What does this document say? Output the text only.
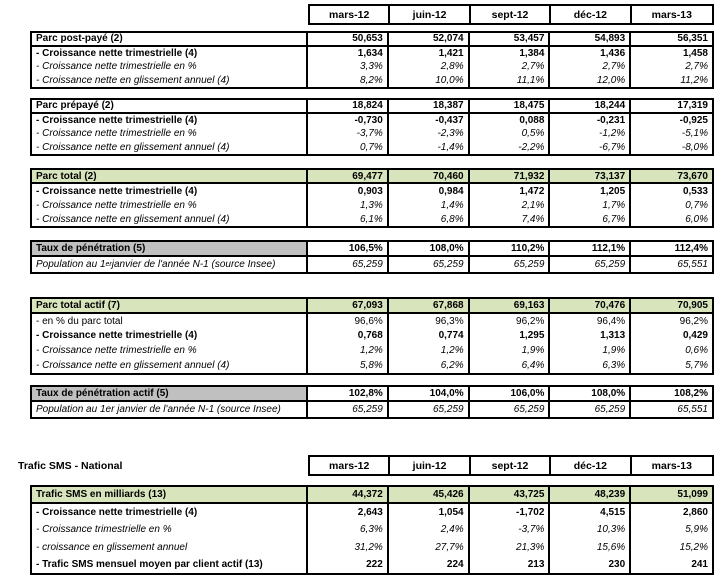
mars-12	juin-12	sept-12	déc-12	mars-13
Parc post-payé (2)	50,653	52,074	53,457	54,893	56,351
- Croissance nette trimestrielle (4)	1,634	1,421	1,384	1,436	1,458
- Croissance nette trimestrielle en %	3,3%	2,8%	2,7%	2,7%	2,7%
- Croissance nette en glissement annuel (4)	8,2%	10,0%	11,1%	12,0%	11,2%
Parc prépayé (2)	18,824	18,387	18,475	18,244	17,319
- Croissance nette trimestrielle (4)	-0,730	-0,437	0,088	-0,231	-0,925
- Croissance nette trimestrielle en %	-3,7%	-2,3%	0,5%	-1,2%	-5,1%
- Croissance nette en glissement annuel (4)	0,7%	-1,4%	-2,2%	-6,7%	-8,0%
Parc total (2)	69,477	70,460	71,932	73,137	73,670
- Croissance nette trimestrielle (4)	0,903	0,984	1,472	1,205	0,533
- Croissance nette trimestrielle en %	1,3%	1,4%	2,1%	1,7%	0,7%
- Croissance nette en glissement annuel (4)	6,1%	6,8%	7,4%	6,7%	6,0%
Taux de pénétration (5)	106,5%	108,0%	110,2%	112,1%	112,4%
Population au 1 er janvier de l'année N-1 (source Insee)	65,259	65,259	65,259	65,259	65,551
Parc total actif (7)	67,093	67,868	69,163	70,476	70,905
- en % du parc total	96,6%	96,3%	96,2%	96,4%	96,2%
- Croissance nette trimestrielle (4)	0,768	0,774	1,295	1,313	0,429
- Croissance nette trimestrielle en %	1,2%	1,2%	1,9%	1,9%	0,6%
- Croissance nette en glissement annuel (4)	5,8%	6,2%	6,4%	6,3%	5,7%
Taux de pénétration actif (5)	102,8%	104,0%	106,0%	108,0%	108,2%
Population au 1er janvier de l'année N-1 (source Insee)	65,259	65,259	65,259	65,259	65,551
Trafic SMS - National	mars-12	juin-12	sept-12	déc-12	mars-13
Trafic SMS en milliards (13)	44,372	45,426	43,725	48,239	51,099
- Croissance nette trimestrielle (4)	2,643	1,054	-1,702	4,515	2,860
- Croissance trimestrielle en %	6,3%	2,4%	-3,7%	10,3%	5,9%
- croissance en glissement annuel	31,2%	27,7%	21,3%	15,6%	15,2%
- Trafic SMS mensuel moyen par client actif (13)	222	224	213	230	241
